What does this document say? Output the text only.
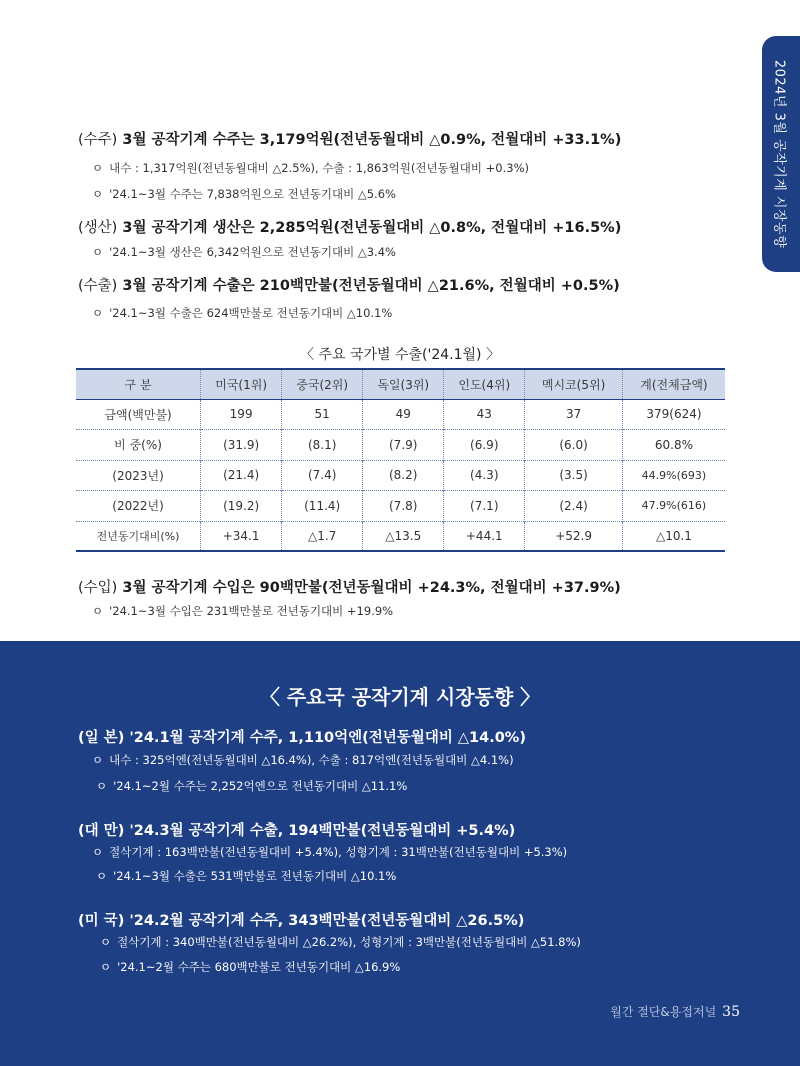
2024년 3월 공작기계 시장동향
(수주) 3월 공작기계 수주는 3,179억원(전년동월대비 △0.9%, 전월대비 +33.1%)
ㅇ 내수 : 1,317억원(전년동월대비 △2.5%), 수출 : 1,863억원(전년동월대비 +0.3%)
ㅇ '24.1~3월 수주는 7,838억원으로 전년동기대비 △5.6%
(생산) 3월 공작기계 생산은 2,285억원(전년동월대비 △0.8%, 전월대비 +16.5%)
ㅇ '24.1~3월 생산은 6,342억원으로 전년동기대비 △3.4%
(수출) 3월 공작기계 수출은 210백만불(전년동월대비 △21.6%, 전월대비 +0.5%)
ㅇ '24.1~3월 수출은 624백만불로 전년동기대비 △10.1%
〈 주요 국가별 수출('24.1월) 〉
구 분	미국(1위)	중국(2위)	독일(3위)	인도(4위)	멕시코(5위)	계(전체금액)
금액(백만불)	199	51	49	43	37	379(624)
비 중(%)	(31.9)	(8.1)	(7.9)	(6.9)	(6.0)	60.8%
(2023년)	(21.4)	(7.4)	(8.2)	(4.3)	(3.5)	44.9%(693)
(2022년)	(19.2)	(11.4)	(7.8)	(7.1)	(2.4)	47.9%(616)
전년동기대비(%)	+34.1	△1.7	△13.5	+44.1	+52.9	△10.1
(수입) 3월 공작기계 수입은 90백만불(전년동월대비 +24.3%, 전월대비 +37.9%)
ㅇ '24.1~3월 수입은 231백만불로 전년동기대비 +19.9%
〈 주요국 공작기계 시장동향 〉
(일 본) '24.1월 공작기계 수주, 1,110억엔(전년동월대비 △14.0%)
ㅇ 내수 : 325억엔(전년동월대비 △16.4%), 수출 : 817억엔(전년동월대비 △4.1%)
ㅇ '24.1~2월 수주는 2,252억엔으로 전년동기대비 △11.1%
(대 만) '24.3월 공작기계 수출, 194백만불(전년동월대비 +5.4%)
ㅇ 절삭기계 : 163백만불(전년동월대비 +5.4%), 성형기계 : 31백만불(전년동월대비 +5.3%)
ㅇ '24.1~3월 수출은 531백만불로 전년동기대비 △10.1%
(미 국) '24.2월 공작기계 수주, 343백만불(전년동월대비 △26.5%)
ㅇ 절삭기계 : 340백만불(전년동월대비 △26.2%), 성형기계 : 3백만불(전년동월대비 △51.8%)
ㅇ '24.1~2월 수주는 680백만불로 전년동기대비 △16.9%
월간 절단&용접저널 35
